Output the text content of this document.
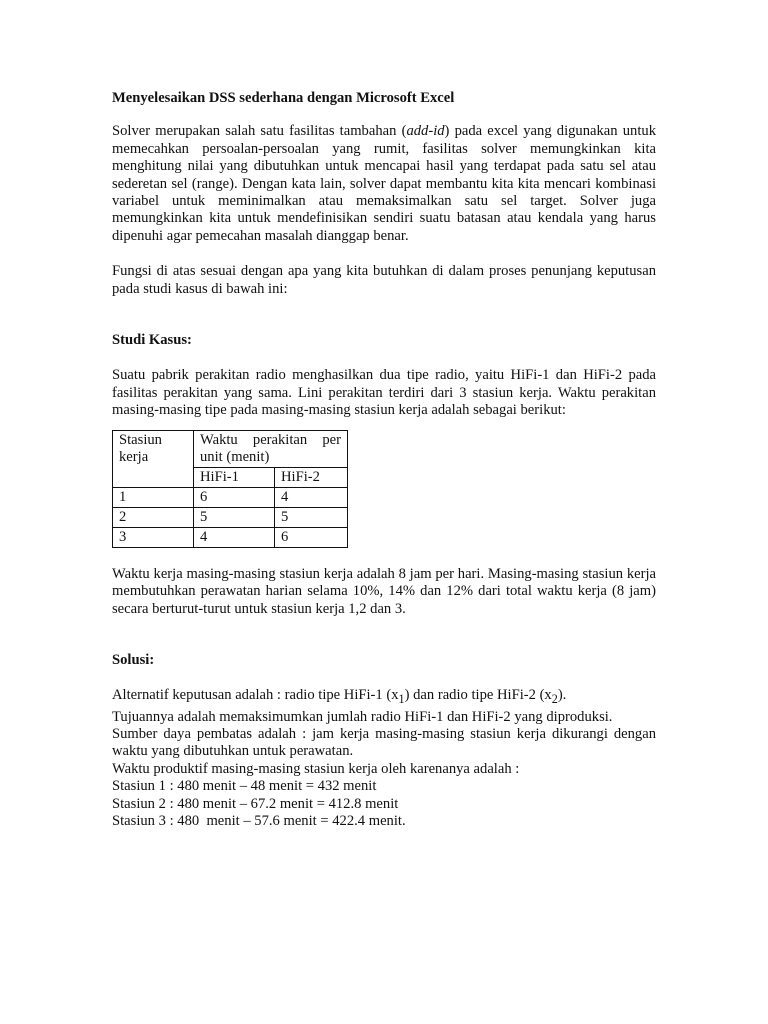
Menyelesaikan DSS sederhana dengan Microsoft Excel

Solver merupakan salah satu fasilitas tambahan (add-id) pada excel yang digunakan untuk memecahkan persoalan-persoalan yang rumit, fasilitas solver memungkinkan kita menghitung nilai yang dibutuhkan untuk mencapai hasil yang terdapat pada satu sel atau sederetan sel (range). Dengan kata lain, solver dapat membantu kita kita mencari kombinasi variabel untuk meminimalkan atau memaksimalkan satu sel target. Solver juga memungkinkan kita untuk mendefinisikan sendiri suatu batasan atau kendala yang harus dipenuhi agar pemecahan masalah dianggap benar.

Fungsi di atas sesuai dengan apa yang kita butuhkan di dalam proses penunjang keputusan pada studi kasus di bawah ini:

Studi Kasus:

Suatu pabrik perakitan radio menghasilkan dua tipe radio, yaitu HiFi-1 dan HiFi-2 pada fasilitas perakitan yang sama. Lini perakitan terdiri dari 3 stasiun kerja. Waktu perakitan masing-masing tipe pada masing-masing stasiun kerja adalah sebagai berikut:

Stasiun kerja	Waktu perakitan per unit (menit)	
	HiFi-1	HiFi-2
1	6	4
2	5	5
3	4	6

Waktu kerja masing-masing stasiun kerja adalah 8 jam per hari. Masing-masing stasiun kerja membutuhkan perawatan harian selama 10%, 14% dan 12% dari total waktu kerja (8 jam) secara berturut-turut untuk stasiun kerja 1,2 dan 3.

Solusi:
Alternatif keputusan adalah : radio tipe HiFi-1 $(x_1)$ dan radio tipe HiFi-2 $(x_2)$.
Tujuannya adalah memaksimumkan jumlah radio HiFi-1 dan HiFi-2 yang diproduksi.

Sumber daya pembatas adalah : jam kerja masing-masing stasiun kerja dikurangi dengan waktu yang dibutuhkan untuk perawatan.

Waktu produktif masing-masing stasiun kerja oleh karenanya adalah :
Stasiun 1 : 480 menit – 48 menit = 432 menit
Stasiun 2 : 480 menit – 67.2 menit = 412.8 menit
Stasiun 3 : 480  menit – 57.6 menit = 422.4 menit.
